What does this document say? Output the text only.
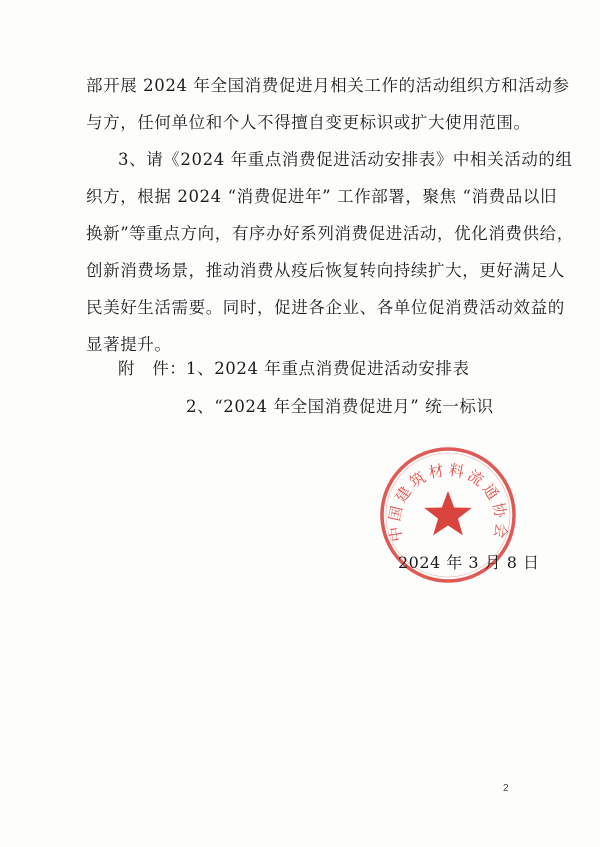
部开展 2024 年全国消费促进月相关工作的活动组织方和活动参
与方，任何单位和个人不得擅自变更标识或扩大使用范围。
3、请《2024 年重点消费促进活动安排表》中相关活动的组
织方，根据 2024 “消费促进年” 工作部署，聚焦 “消费品以旧
换新”等重点方向，有序办好系列消费促进活动，优化消费供给，
创新消费场景，推动消费从疫后恢复转向持续扩大，更好满足人
民美好生活需要。同时，促进各企业、各单位促消费活动效益的
显著提升。
附　件： 1、2024 年重点消费促进活动安排表
2、“2024 年全国消费促进月” 统一标识
中国建筑材料流通协会
2024 年 3 月 8 日
2
